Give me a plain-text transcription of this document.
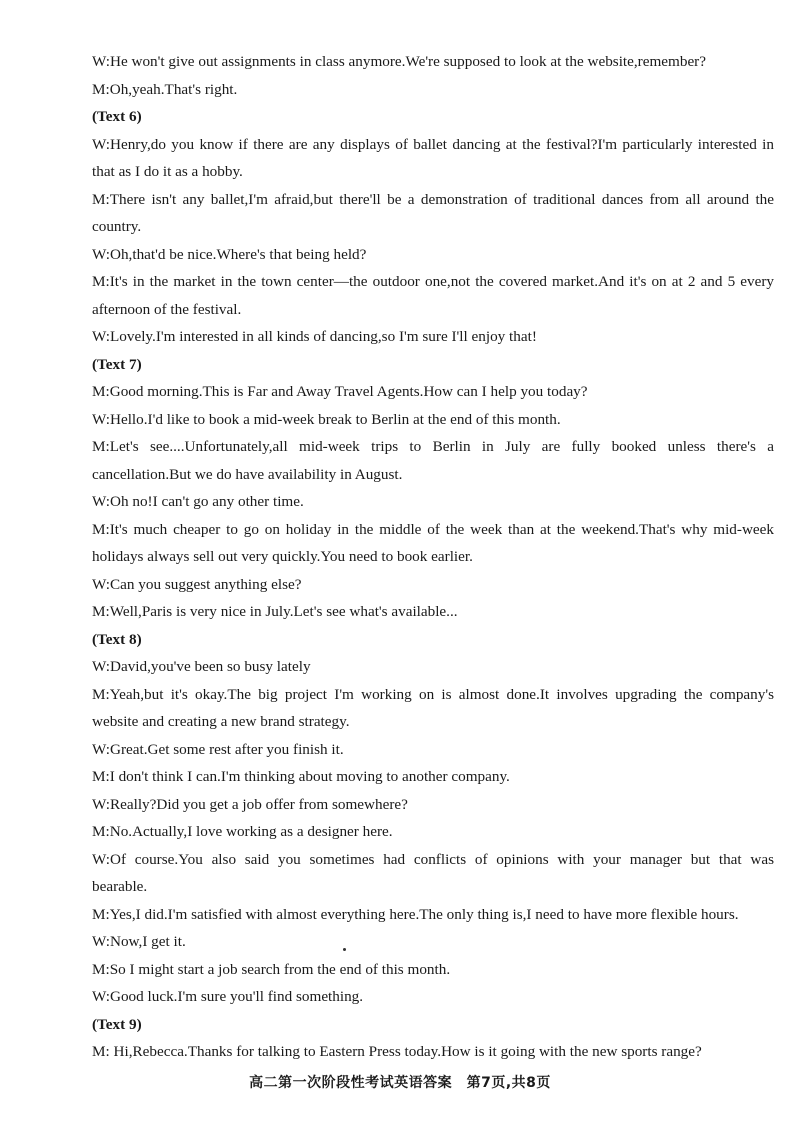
W:He won't give out assignments in class anymore.We're supposed to look at the website,remember?

M:Oh,yeah.That's right.

(Text 6)

W:Henry,do you know if there are any displays of ballet dancing at the festival?I'm particularly interested in

that as I do it as a hobby.

M:There isn't any ballet,I'm afraid,but there'll be a demonstration of traditional dances from all around the

country.

W:Oh,that'd be nice.Where's that being held?

M:It's in the market in the town center—the outdoor one,not the covered market.And it's on at 2 and 5 every

afternoon of the festival.

W:Lovely.I'm interested in all kinds of dancing,so I'm sure I'll enjoy that!

(Text 7)

M:Good morning.This is Far and Away Travel Agents.How can I help you today?

W:Hello.I'd like to book a mid-week break to Berlin at the end of this month.

M:Let's see....Unfortunately,all mid-week trips to Berlin in July are fully booked unless there's a

cancellation.But we do have availability in August.

W:Oh no!I can't go any other time.

M:It's much cheaper to go on holiday in the middle of the week than at the weekend.That's why mid-week

holidays always sell out very quickly.You need to book earlier.

W:Can you suggest anything else?

M:Well,Paris is very nice in July.Let's see what's available...

(Text 8)

W:David,you've been so busy lately

M:Yeah,but it's okay.The big project I'm working on is almost done.It involves upgrading the company's

website and creating a new brand strategy.

W:Great.Get some rest after you finish it.

M:I don't think I can.I'm thinking about moving to another company.

W:Really?Did you get a job offer from somewhere?

M:No.Actually,I love working as a designer here.

W:Of course.You also said you sometimes had conflicts of opinions with your manager but that was

bearable.

M:Yes,I did.I'm satisfied with almost everything here.The only thing is,I need to have more flexible hours.

W:Now,I get it.

M:So I might start a job search from the end of this month.

W:Good luck.I'm sure you'll find something.

(Text 9)

M: Hi,Rebecca.Thanks for talking to Eastern Press today.How is it going with the new sports range?

高二第一次阶段性考试英语答案　第7页,共8页
